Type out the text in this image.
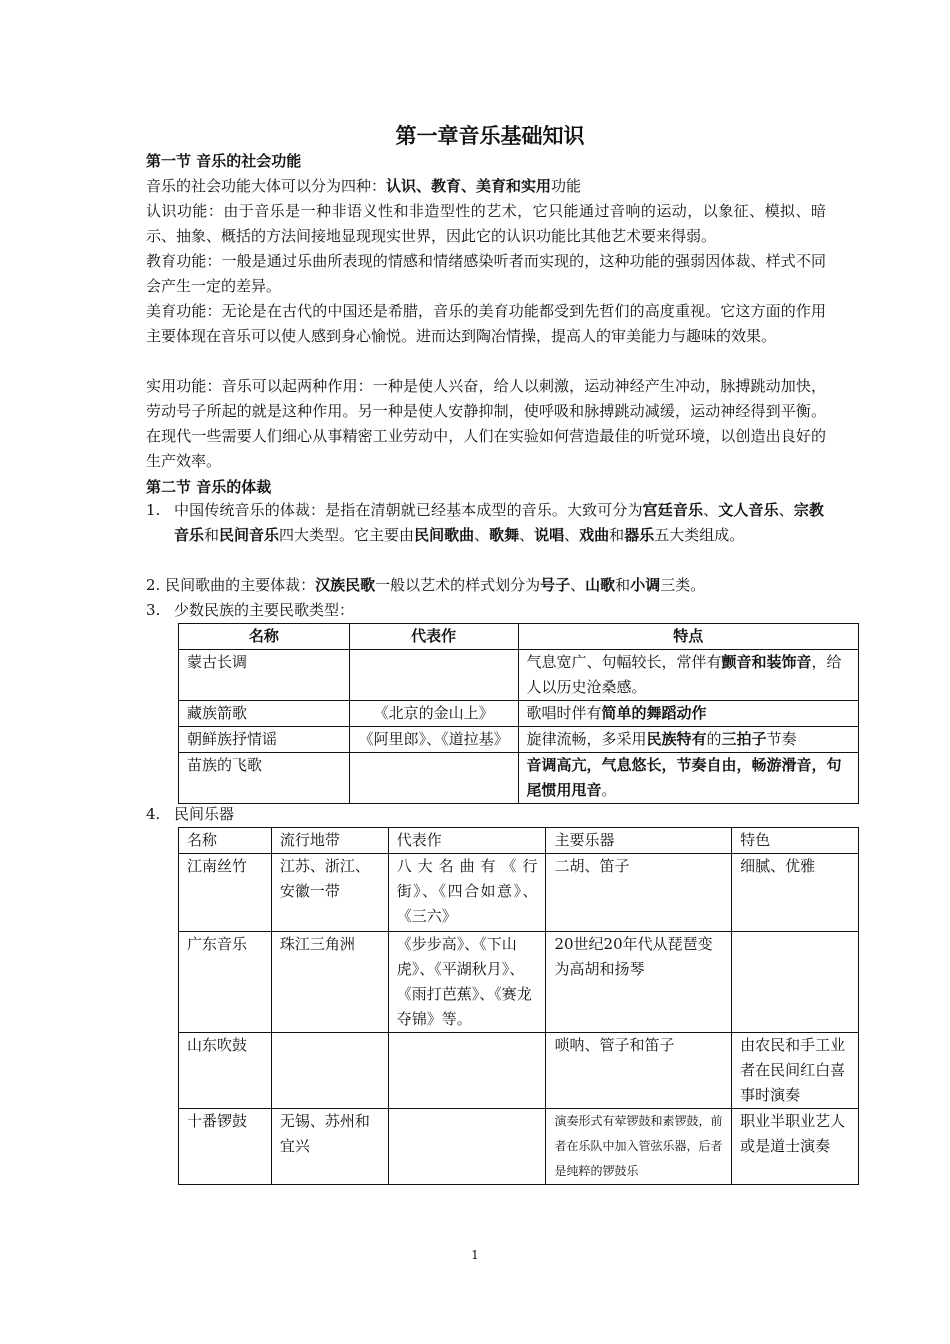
第一章音乐基础知识
第一节 音乐的社会功能
音乐的社会功能大体可以分为四种：认识、教育、美育和实用功能
认识功能：由于音乐是一种非语义性和非造型性的艺术，它只能通过音响的运动，以象征、模拟、暗示、抽象、概括的方法间接地显现现实世界，因此它的认识功能比其他艺术要来得弱。
教育功能：一般是通过乐曲所表现的情感和情绪感染听者而实现的，这种功能的强弱因体裁、样式不同会产生一定的差异。
美育功能：无论是在古代的中国还是希腊，音乐的美育功能都受到先哲们的高度重视。它这方面的作用主要体现在音乐可以使人感到身心愉悦。进而达到陶冶情操，提高人的审美能力与趣味的效果。
实用功能：音乐可以起两种作用：一种是使人兴奋，给人以刺激，运动神经产生冲动，脉搏跳动加快，劳动号子所起的就是这种作用。另一种是使人安静抑制，使呼吸和脉搏跳动减缓，运动神经得到平衡。在现代一些需要人们细心从事精密工业劳动中，人们在实验如何营造最佳的听觉环境，以创造出良好的生产效率。
第二节 音乐的体裁
1. 中国传统音乐的体裁：是指在清朝就已经基本成型的音乐。大致可分为宫廷音乐、文人音乐、宗教音乐和民间音乐四大类型。它主要由民间歌曲、歌舞、说唱、戏曲和器乐五大类组成。
2. 民间歌曲的主要体裁：汉族民歌一般以艺术的样式划分为号子、山歌和小调三类。
3. 少数民族的主要民歌类型：
名称	代表作	特点
蒙古长调		气息宽广、句幅较长，常伴有颤音和装饰音，给人以历史沧桑感。
藏族箭歌	《北京的金山上》	歌唱时伴有简单的舞蹈动作
朝鲜族抒情谣	《阿里郎》、《道拉基》	旋律流畅，多采用民族特有的三拍子节奏
苗族的飞歌		音调高亢，气息悠长，节奏自由，畅游滑音，句尾惯用甩音。
4. 民间乐器
名称	流行地带	代表作	主要乐器	特色
江南丝竹	江苏、浙江、安徽一带	八大名曲有《行街》、《四合如意》、《三六》	二胡、笛子	细腻、优雅
广东音乐	珠江三角洲	《步步高》、《下山虎》、《平湖秋月》、《雨打芭蕉》、《赛龙夺锦》等。	20世纪20年代从琵琶变为高胡和扬琴	
山东吹鼓			唢呐、管子和笛子	由农民和手工业者在民间红白喜事时演奏
十番锣鼓	无锡、苏州和宜兴		演奏形式有荤锣鼓和素锣鼓，前者在乐队中加入管弦乐器，后者是纯粹的锣鼓乐	职业半职业艺人或是道士演奏
1
